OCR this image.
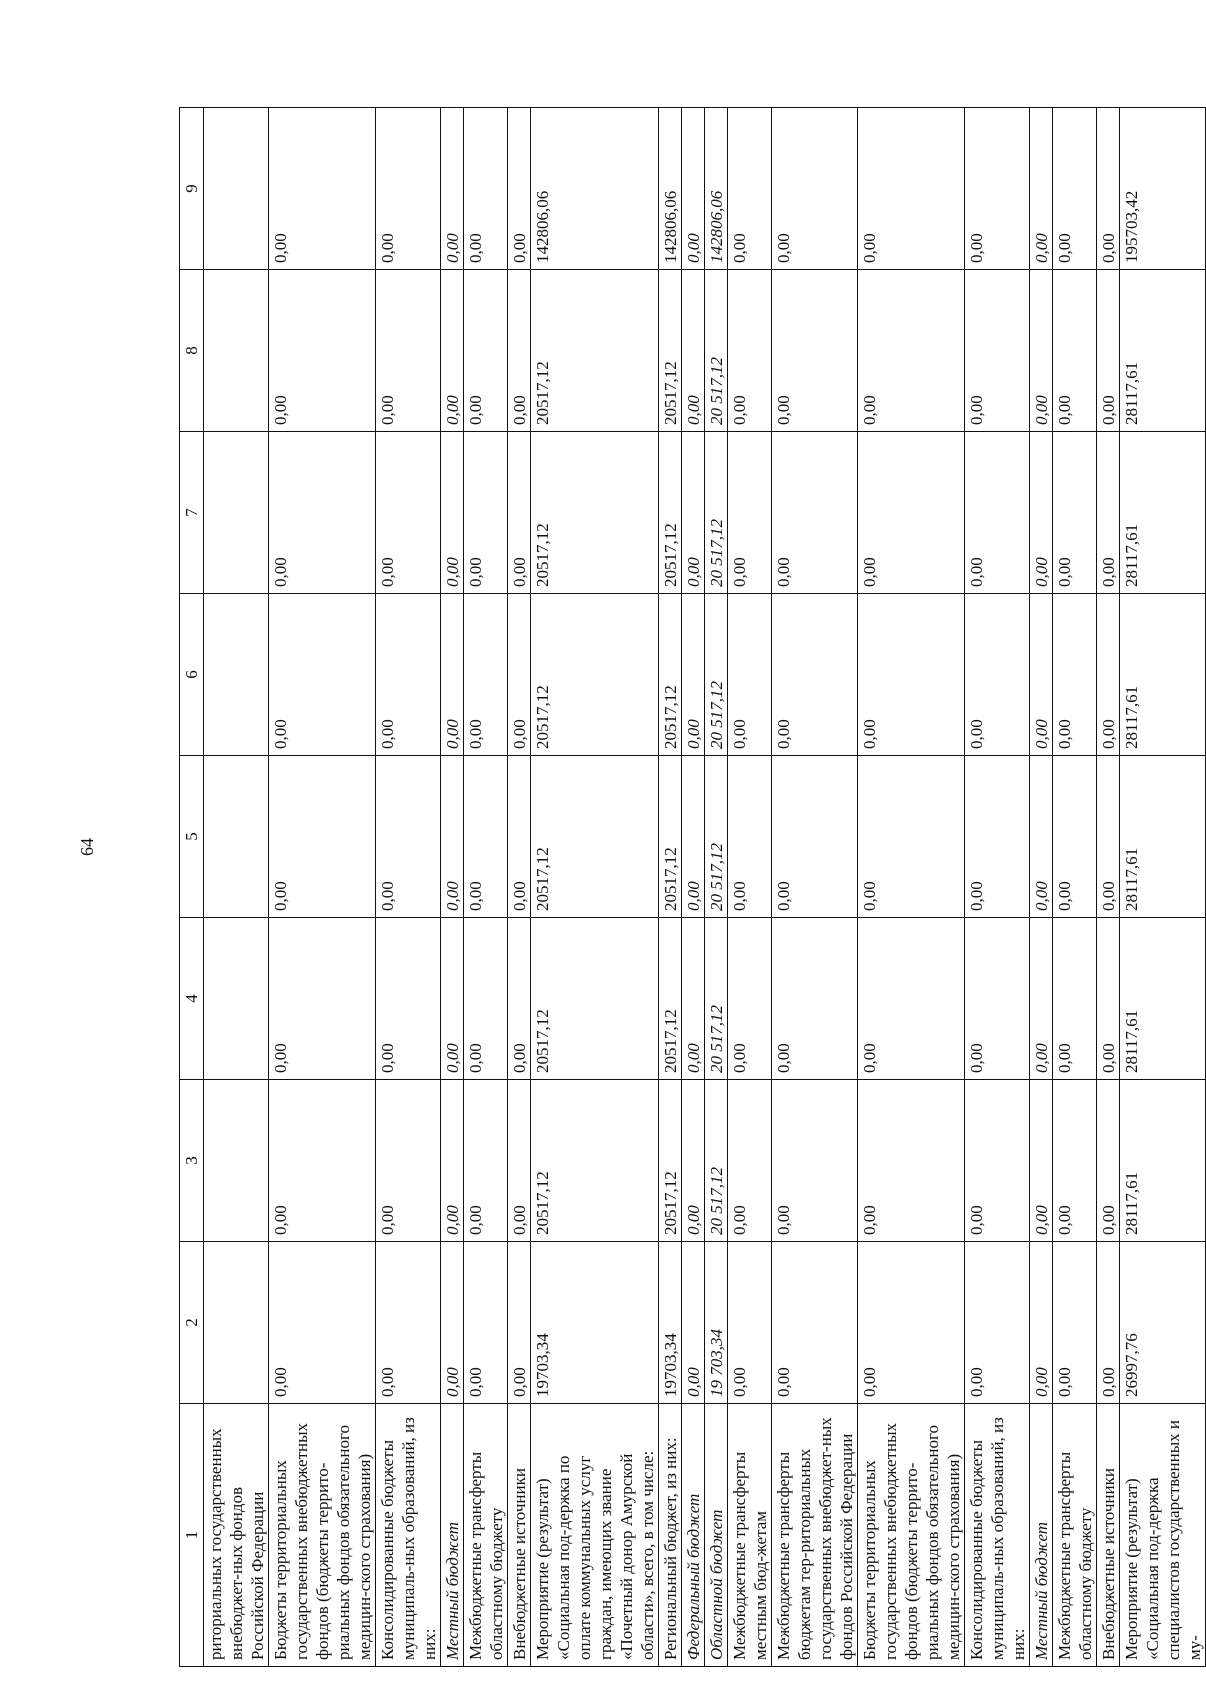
64
1	2	3	4	5	6	7	8	9
риториальных государственных внебюджет-ных фондов Российской Федерации								
Бюджеты территориальных государственных внебюджетных фондов (бюджеты террито-риальных фондов обязательного медицин-ского страхования)	0,00	0,00	0,00	0,00	0,00	0,00	0,00	0,00
Консолидированные бюджеты муниципаль-ных образований, из них:	0,00	0,00	0,00	0,00	0,00	0,00	0,00	0,00
Местный бюджет	0,00	0,00	0,00	0,00	0,00	0,00	0,00	0,00
Межбюджетные трансферты областному бюджету	0,00	0,00	0,00	0,00	0,00	0,00	0,00	0,00
Внебюджетные источники	0,00	0,00	0,00	0,00	0,00	0,00	0,00	0,00
Мероприятие (результат) «Социальная под-держка по оплате коммунальных услуг граждан, имеющих звание «Почетный донор Амурской области», всего, в том числе:	19703,34	20517,12	20517,12	20517,12	20517,12	20517,12	20517,12	142806,06
Региональный бюджет, из них:	19703,34	20517,12	20517,12	20517,12	20517,12	20517,12	20517,12	142806,06
Федеральный бюджет	0,00	0,00	0,00	0,00	0,00	0,00	0,00	0,00
Областной бюджет	19 703,34	20 517,12	20 517,12	20 517,12	20 517,12	20 517,12	20 517,12	142806,06
Межбюджетные трансферты местным бюд-жетам	0,00	0,00	0,00	0,00	0,00	0,00	0,00	0,00
Межбюджетные трансферты бюджетам тер-риториальных государственных внебюджет-ных фондов Российской Федерации	0,00	0,00	0,00	0,00	0,00	0,00	0,00	0,00
Бюджеты территориальных государственных внебюджетных фондов (бюджеты террито-риальных фондов обязательного медицин-ского страхования)	0,00	0,00	0,00	0,00	0,00	0,00	0,00	0,00
Консолидированные бюджеты муниципаль-ных образований, из них:	0,00	0,00	0,00	0,00	0,00	0,00	0,00	0,00
Местный бюджет	0,00	0,00	0,00	0,00	0,00	0,00	0,00	0,00
Межбюджетные трансферты областному бюджету	0,00	0,00	0,00	0,00	0,00	0,00	0,00	0,00
Внебюджетные источники	0,00	0,00	0,00	0,00	0,00	0,00	0,00	0,00
Мероприятие (результат) «Социальная под-держка специалистов государственных и му-	26997,76	28117,61	28117,61	28117,61	28117,61	28117,61	28117,61	195703,42
